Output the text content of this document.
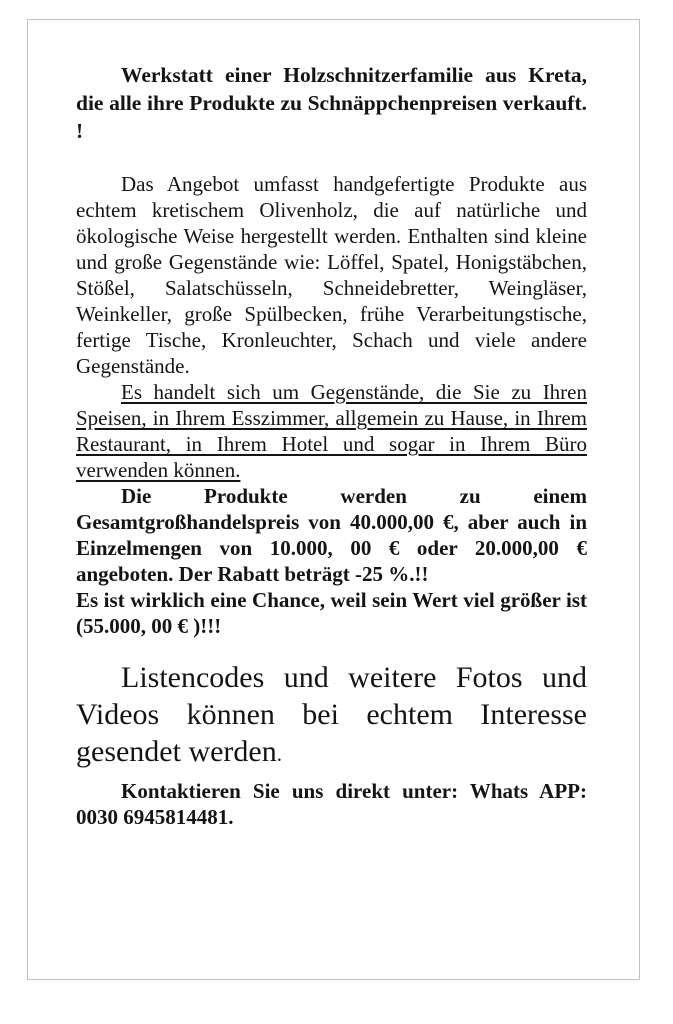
Werkstatt einer Holzschnitzerfamilie aus Kreta, die alle ihre Produkte zu Schnäppchenpreisen verkauft. !

Das Angebot umfasst handgefertigte Produkte aus echtem kretischem Olivenholz, die auf natürliche und ökologische Weise hergestellt werden. Enthalten sind kleine und große Gegenstände wie: Löffel, Spatel, Honigstäbchen, Stößel, Salatschüsseln, Schneidebretter, Weingläser, Weinkeller, große Spülbecken, frühe Verarbeitungstische, fertige Tische, Kronleuchter, Schach und viele andere Gegenstände.

Es handelt sich um Gegenstände, die Sie zu Ihren Speisen, in Ihrem Esszimmer, allgemein zu Hause, in Ihrem Restaurant, in Ihrem Hotel und sogar in Ihrem Büro verwenden können.

Die Produkte werden zu einem Gesamtgroßhandelspreis von 40.000,00 €, aber auch in Einzelmengen von 10.000, 00 € oder 20.000,00 € angeboten. Der Rabatt beträgt -25 %.!!

Es ist wirklich eine Chance, weil sein Wert viel größer ist (55.000, 00 € )!!!

Listencodes und weitere Fotos und Videos können bei echtem Interesse gesendet werden.

Kontaktieren Sie uns direkt unter: Whats APP: 0030 6945814481.
